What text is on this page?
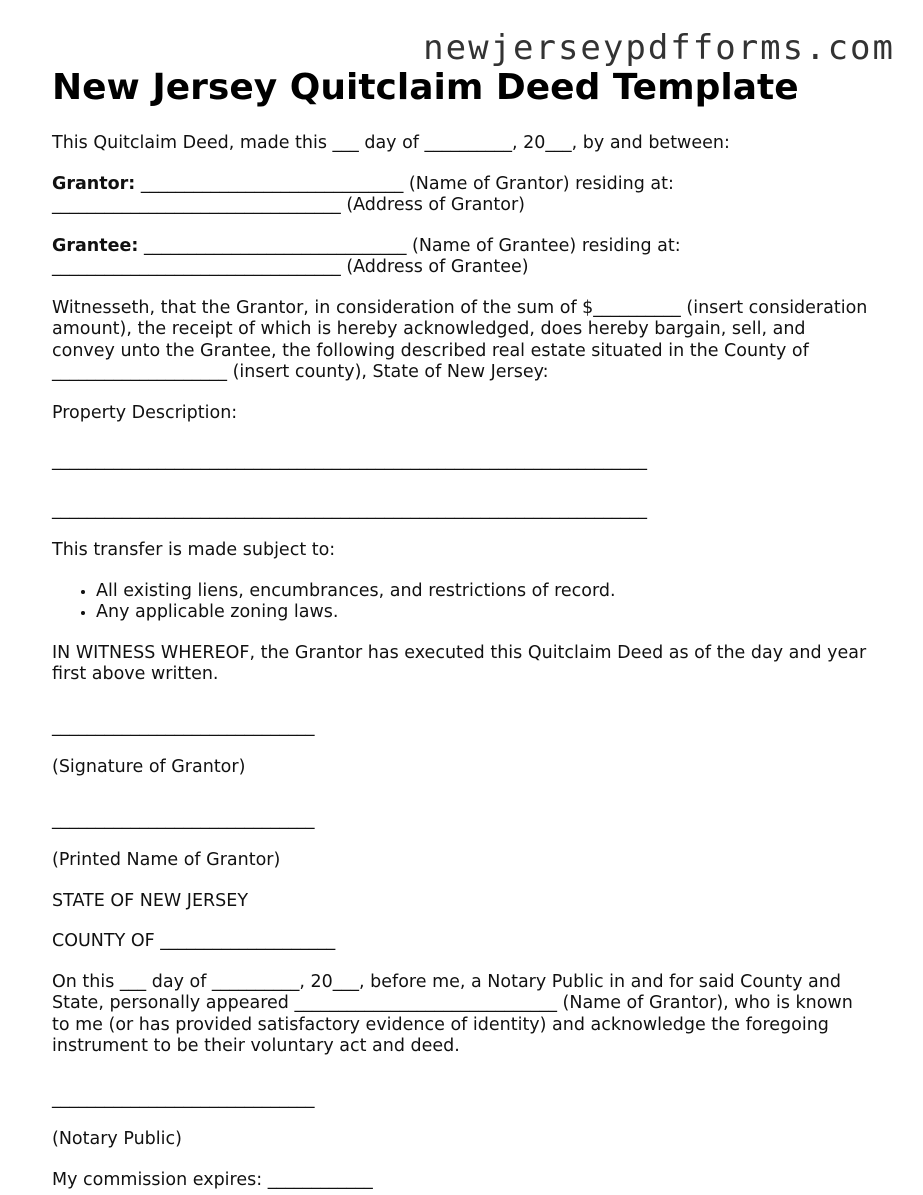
newjerseypdfforms.com
New Jersey Quitclaim Deed Template

This Quitclaim Deed, made this ___ day of __________, 20___, by and between:

Grantor: ______________________________ (Name of Grantor) residing at:
_________________________________ (Address of Grantor)

Grantee: ______________________________ (Name of Grantee) residing at:
_________________________________ (Address of Grantee)

Witnesseth, that the Grantor, in consideration of the sum of $__________ (insert consideration amount), the receipt of which is hereby acknowledged, does hereby bargain, sell, and convey unto the Grantee, the following described real estate situated in the County of ____________________ (insert county), State of New Jersey:

Property Description:

____________________________________________________________________

____________________________________________________________________

This transfer is made subject to:

• All existing liens, encumbrances, and restrictions of record.
• Any applicable zoning laws.

IN WITNESS WHEREOF, the Grantor has executed this Quitclaim Deed as of the day and year first above written.

______________________________

(Signature of Grantor)

______________________________

(Printed Name of Grantor)

STATE OF NEW JERSEY

COUNTY OF ____________________

On this ___ day of __________, 20___, before me, a Notary Public in and for said County and State, personally appeared ______________________________ (Name of Grantor), who is known to me (or has provided satisfactory evidence of identity) and acknowledge the foregoing instrument to be their voluntary act and deed.

______________________________

(Notary Public)

My commission expires: ____________
